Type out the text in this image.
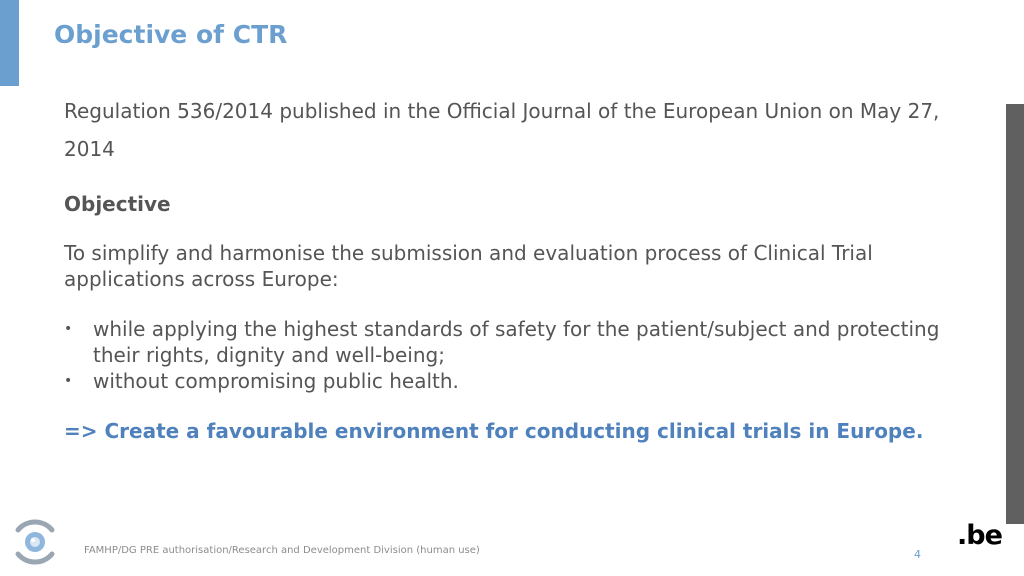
Objective of CTR

Regulation 536/2014 published in the Official Journal of the European Union on May 27, 2014

Objective

To simplify and harmonise the submission and evaluation process of Clinical Trial applications across Europe:

• while applying the highest standards of safety for the patient/subject and protecting their rights, dignity and well-being;
• without compromising public health.

=> Create a favourable environment for conducting clinical trials in Europe.

FAMHP/DG PRE authorisation/Research and Development Division (human use)	4
.be
